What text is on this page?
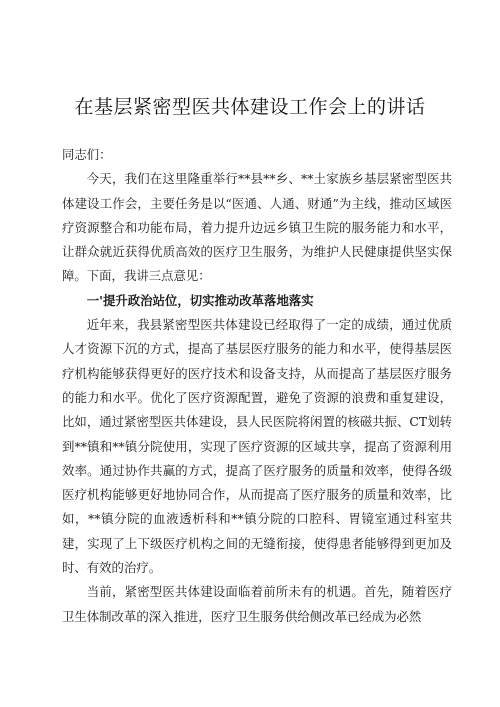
在基层紧密型医共体建设工作会上的讲话

同志们：

今天，我们在这里隆重举行**县**乡、**土家族乡基层紧密型医共体建设工作会，主要任务是以“医通、人通、财通”为主线，推动区域医疗资源整合和功能布局，着力提升边远乡镇卫生院的服务能力和水平，让群众就近获得优质高效的医疗卫生服务，为维护人民健康提供坚实保障。下面，我讲三点意见：

一'提升政治站位，切实推动改革落地落实

近年来，我县紧密型医共体建设已经取得了一定的成绩，通过优质人才资源下沉的方式，提高了基层医疗服务的能力和水平，使得基层医疗机构能够获得更好的医疗技术和设备支持，从而提高了基层医疗服务的能力和水平。优化了医疗资源配置，避免了资源的浪费和重复建设，比如，通过紧密型医共体建设，县人民医院将闲置的核磁共振、CT划转到**镇和**镇分院使用，实现了医疗资源的区域共享，提高了资源利用效率。通过协作共赢的方式，提高了医疗服务的质量和效率，使得各级医疗机构能够更好地协同合作，从而提高了医疗服务的质量和效率，比如，**镇分院的血液透析科和**镇分院的口腔科、胃镜室通过科室共建，实现了上下级医疗机构之间的无缝衔接，使得患者能够得到更加及时、有效的治疗。

当前，紧密型医共体建设面临着前所未有的机遇。首先，随着医疗卫生体制改革的深入推进，医疗卫生服务供给侧改革已经成为必然
